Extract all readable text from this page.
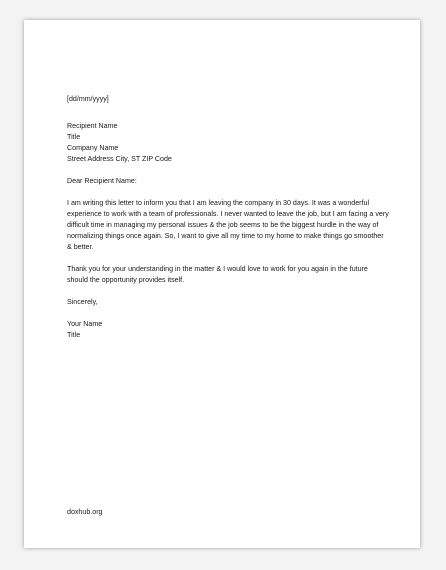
[dd/mm/yyyy]

Recipient Name
Title
Company Name
Street Address City, ST ZIP Code

Dear Recipient Name:

I am writing this letter to inform you that I am leaving the company in 30 days. It was a wonderful experience to work with a team of professionals. I never wanted to leave the job, but I am facing a very difficult time in managing my personal issues & the job seems to be the biggest hurdle in the way of normalizing things once again. So, I want to give all my time to my home to make things go smoother & better.

Thank you for your understanding in the matter & I would love to work for you again in the future should the opportunity provides itself.

Sincerely,

Your Name
Title
doxhub.org
